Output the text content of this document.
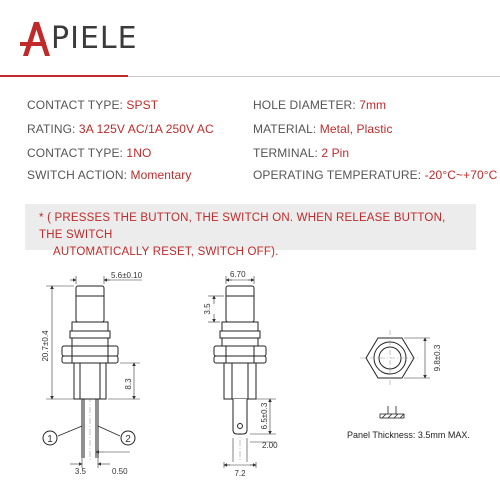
PIELE
CONTACT TYPE: SPST
RATING: 3A 125V AC/1A 250V AC
CONTACT TYPE: 1NO
SWITCH ACTION: Momentary
HOLE DIAMETER: 7mm
MATERIAL: Metal, Plastic
TERMINAL: 2 Pin
OPERATING TEMPERATURE: -20°C~+70°C
* ( PRESSES THE BUTTON, THE SWITCH ON. WHEN RELEASE BUTTON, THE SWITCH
AUTOMATICALLY RESET, SWITCH OFF).
1	2
5.6±0.10
20.7±0.4
8.3
3.5	0.50
6.70
3.5
6.5±0.3
2.00
7.2
9.8±0.3
Panel Thickness: 3.5mm MAX.
